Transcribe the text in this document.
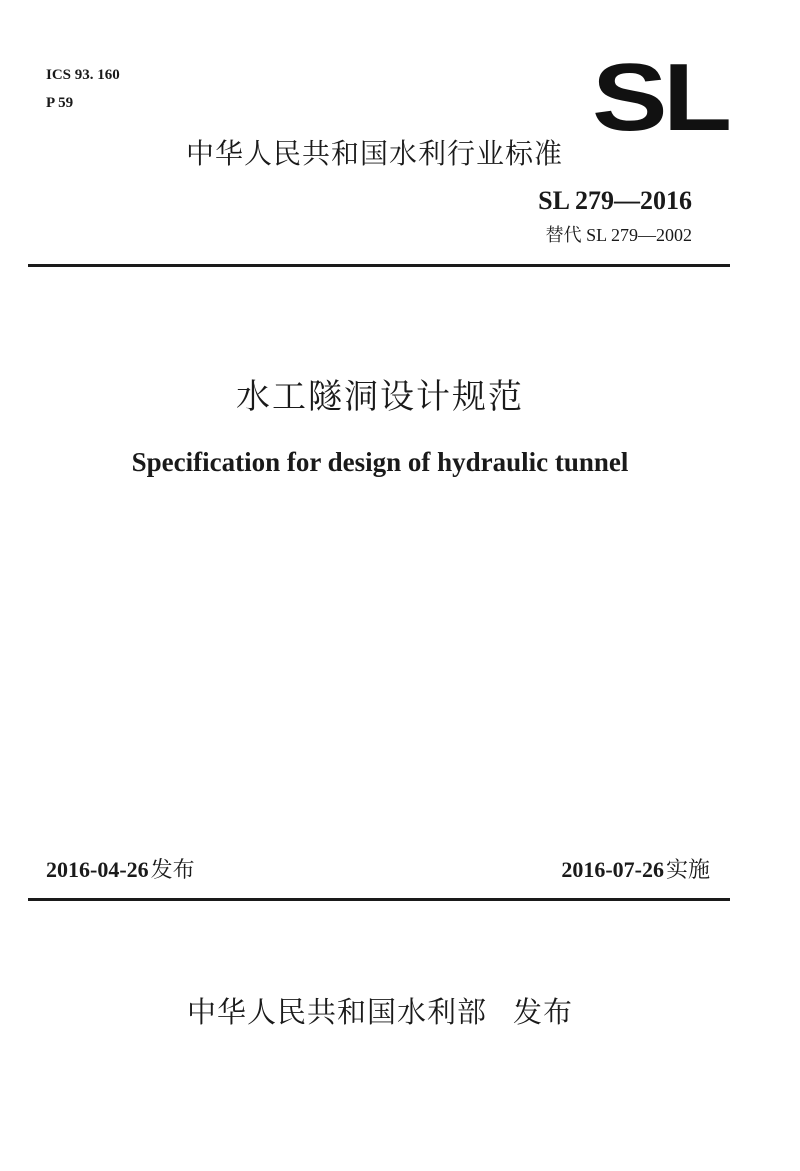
ICS 93. 160
P 59	SL
中华人民共和国水利行业标准
SL 279—2016
替代 SL 279—2002
水工隧洞设计规范
Specification for design of hydraulic tunnel
2016-04-26发布	2016-07-26实施
中华人民共和国水利部 发布
